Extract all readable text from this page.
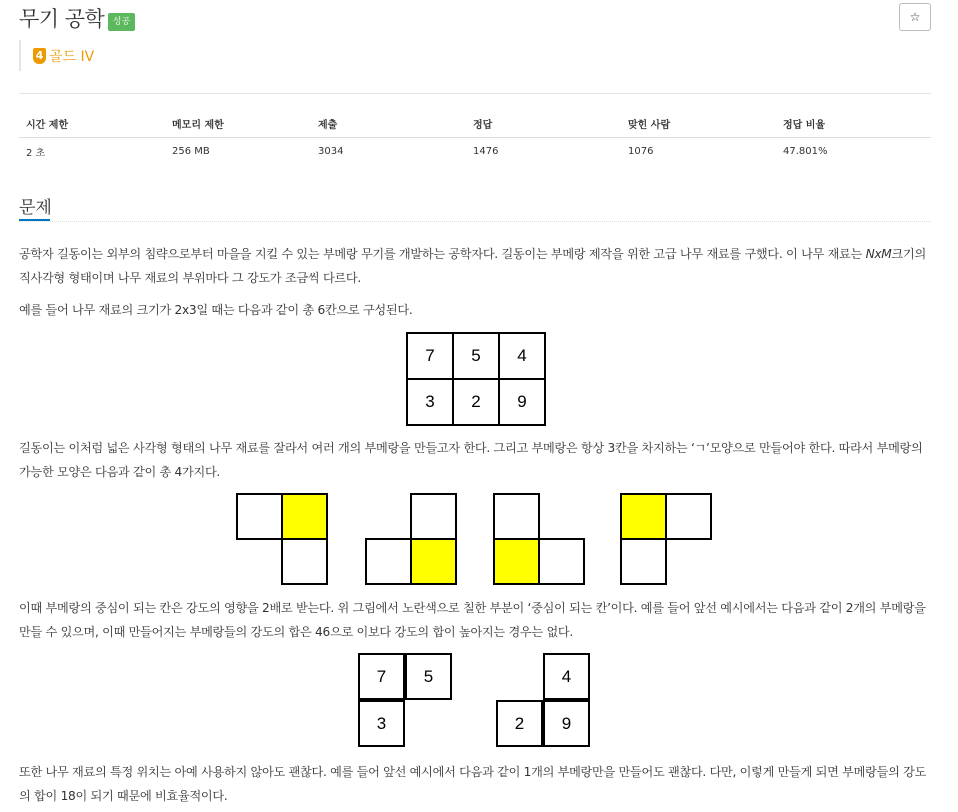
무기 공학 성공	☆
4 골드 IV
시간 제한	메모리 제한	제출	정답	맞힌 사람	정답 비율
2 초	256 MB	3034	1476	1076	47.801%
문제
공학자 길동이는 외부의 침략으로부터 마을을 지킬 수 있는 부메랑 무기를 개발하는 공학자다. 길동이는 부메랑 제작을 위한 고급 나무 재료를 구했다. 이 나무 재료는 NxM크기의 직사각형 형태이며 나무 재료의 부위마다 그 강도가 조금씩 다르다.
예를 들어 나무 재료의 크기가 2x3일 때는 다음과 같이 총 6칸으로 구성된다.
7	5	4
3	2	9
길동이는 이처럼 넓은 사각형 형태의 나무 재료를 잘라서 여러 개의 부메랑을 만들고자 한다. 그리고 부메랑은 항상 3칸을 차지하는 ‘ㄱ’모양으로 만들어야 한다. 따라서 부메랑의 가능한 모양은 다음과 같이 총 4가지다.
이때 부메랑의 중심이 되는 칸은 강도의 영향을 2배로 받는다. 위 그림에서 노란색으로 칠한 부분이 ‘중심이 되는 칸’이다. 예를 들어 앞선 예시에서는 다음과 같이 2개의 부메랑을 만들 수 있으며, 이때 만들어지는 부메랑들의 강도의 합은 46으로 이보다 강도의 합이 높아지는 경우는 없다.
7	5
3
4
2	9
또한 나무 재료의 특정 위치는 아예 사용하지 않아도 괜찮다. 예를 들어 앞선 예시에서 다음과 같이 1개의 부메랑만을 만들어도 괜찮다. 다만, 이렇게 만들게 되면 부메랑들의 강도의 합이 18이 되기 때문에 비효율적이다.
